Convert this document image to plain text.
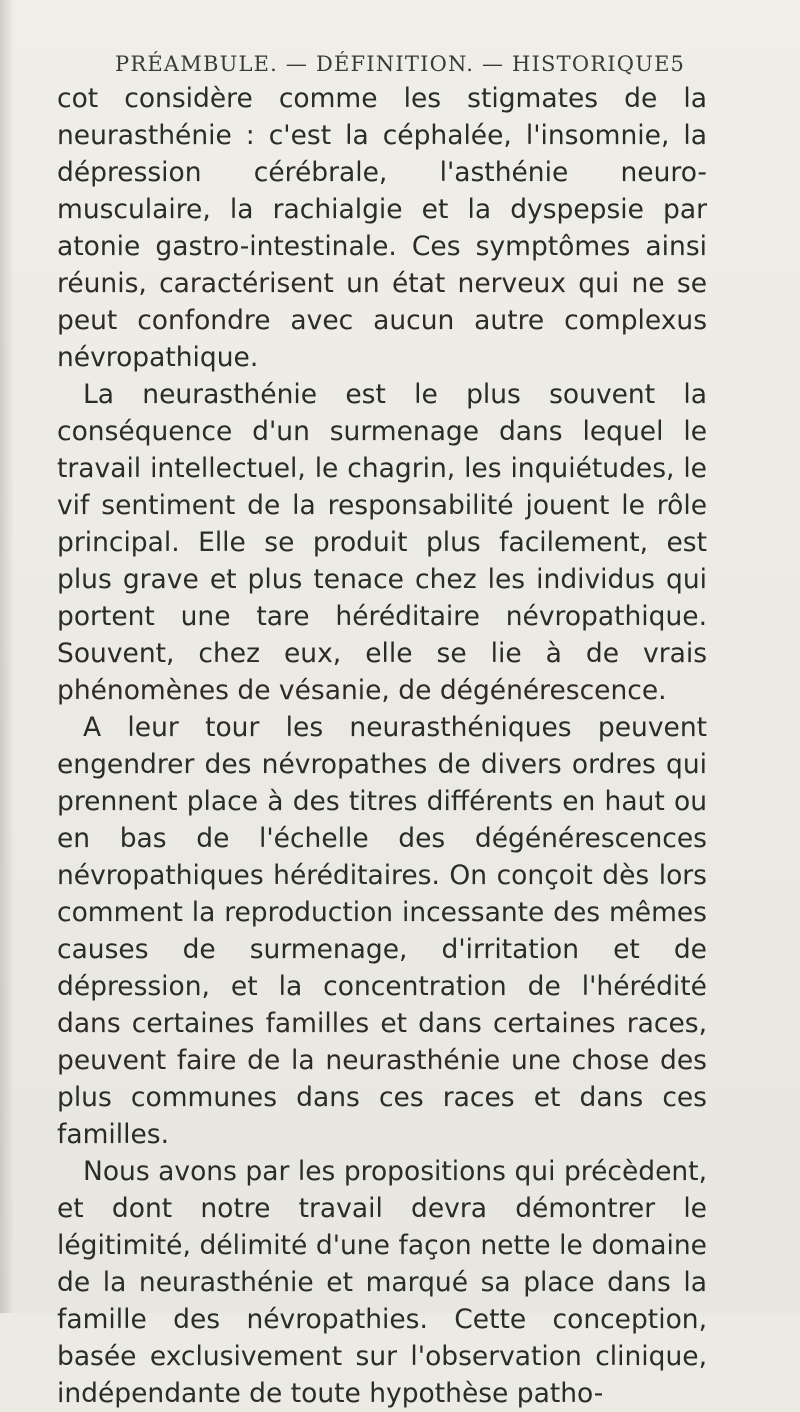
PRÉAMBULE. — DÉFINITION. — HISTORIQUE 5

cot considère comme les stigmates de la neurasthénie : c'est la céphalée, l'insomnie, la dépression cérébrale, l'asthénie neuro-musculaire, la rachialgie et la dyspepsie par atonie gastro-intestinale. Ces symptômes ainsi réunis, caractérisent un état nerveux qui ne se peut confondre avec aucun autre complexus névropathique.

La neurasthénie est le plus souvent la conséquence d'un surmenage dans lequel le travail intellectuel, le chagrin, les inquiétudes, le vif sentiment de la responsabilité jouent le rôle principal. Elle se produit plus facilement, est plus grave et plus tenace chez les individus qui portent une tare héréditaire névropathique. Souvent, chez eux, elle se lie à de vrais phénomènes de vésanie, de dégénérescence.

A leur tour les neurasthéniques peuvent engendrer des névropathes de divers ordres qui prennent place à des titres différents en haut ou en bas de l'échelle des dégénérescences névropathiques héréditaires. On conçoit dès lors comment la reproduction incessante des mêmes causes de surmenage, d'irritation et de dépression, et la concentration de l'hérédité dans certaines familles et dans certaines races, peuvent faire de la neurasthénie une chose des plus communes dans ces races et dans ces familles.

Nous avons par les propositions qui précèdent, et dont notre travail devra démontrer le légitimité, délimité d'une façon nette le domaine de la neurasthénie et marqué sa place dans la famille des névropathies. Cette conception, basée exclusivement sur l'observation clinique, indépendante de toute hypothèse patho-
